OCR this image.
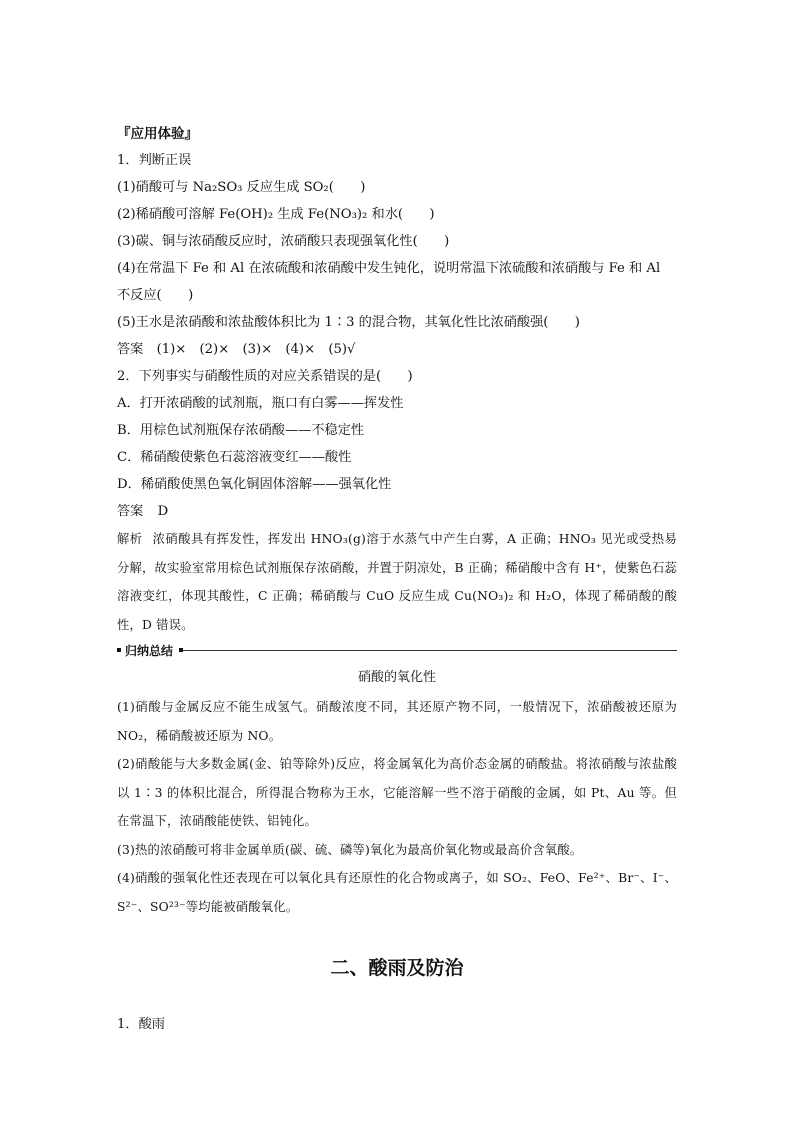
『应用体验』
1．判断正误
(1)硝酸可与 Na₂SO₃ 反应生成 SO₂(　　)
(2)稀硝酸可溶解 Fe(OH)₂ 生成 Fe(NO₃)₂ 和水(　　)
(3)碳、铜与浓硝酸反应时，浓硝酸只表现强氧化性(　　)
(4)在常温下 Fe 和 Al 在浓硫酸和浓硝酸中发生钝化，说明常温下浓硫酸和浓硝酸与 Fe 和 Al
不反应(　　)
(5)王水是浓硝酸和浓盐酸体积比为 1∶3 的混合物，其氧化性比浓硝酸强(　　)
答案 (1)× (2)× (3)× (4)× (5)√
2．下列事实与硝酸性质的对应关系错误的是(　　)
A．打开浓硝酸的试剂瓶，瓶口有白雾——挥发性
B．用棕色试剂瓶保存浓硝酸——不稳定性
C．稀硝酸使紫色石蕊溶液变红——酸性
D．稀硝酸使黑色氧化铜固体溶解——强氧化性
答案 D
解析 浓硝酸具有挥发性，挥发出 HNO₃(g)溶于水蒸气中产生白雾，A 正确；HNO₃ 见光或受热易分解，故实验室常用棕色试剂瓶保存浓硝酸，并置于阴凉处，B 正确；稀硝酸中含有 H⁺，使紫色石蕊溶液变红，体现其酸性，C 正确；稀硝酸与 CuO 反应生成 Cu(NO₃)₂ 和 H₂O，体现了稀硝酸的酸性，D 错误。
归纳总结
硝酸的氧化性
(1)硝酸与金属反应不能生成氢气。硝酸浓度不同，其还原产物不同，一般情况下，浓硝酸被还原为 NO₂，稀硝酸被还原为 NO。
(2)硝酸能与大多数金属(金、铂等除外)反应，将金属氧化为高价态金属的硝酸盐。将浓硝酸与浓盐酸以 1∶3 的体积比混合，所得混合物称为王水，它能溶解一些不溶于硝酸的金属，如 Pt、Au 等。但在常温下，浓硝酸能使铁、铝钝化。
(3)热的浓硝酸可将非金属单质(碳、硫、磷等)氧化为最高价氧化物或最高价含氧酸。
(4)硝酸的强氧化性还表现在可以氧化具有还原性的化合物或离子，如 SO₂、FeO、Fe²⁺、Br⁻、I⁻、S²⁻、SO²³⁻等均能被硝酸氧化。
二、酸雨及防治
1．酸雨
